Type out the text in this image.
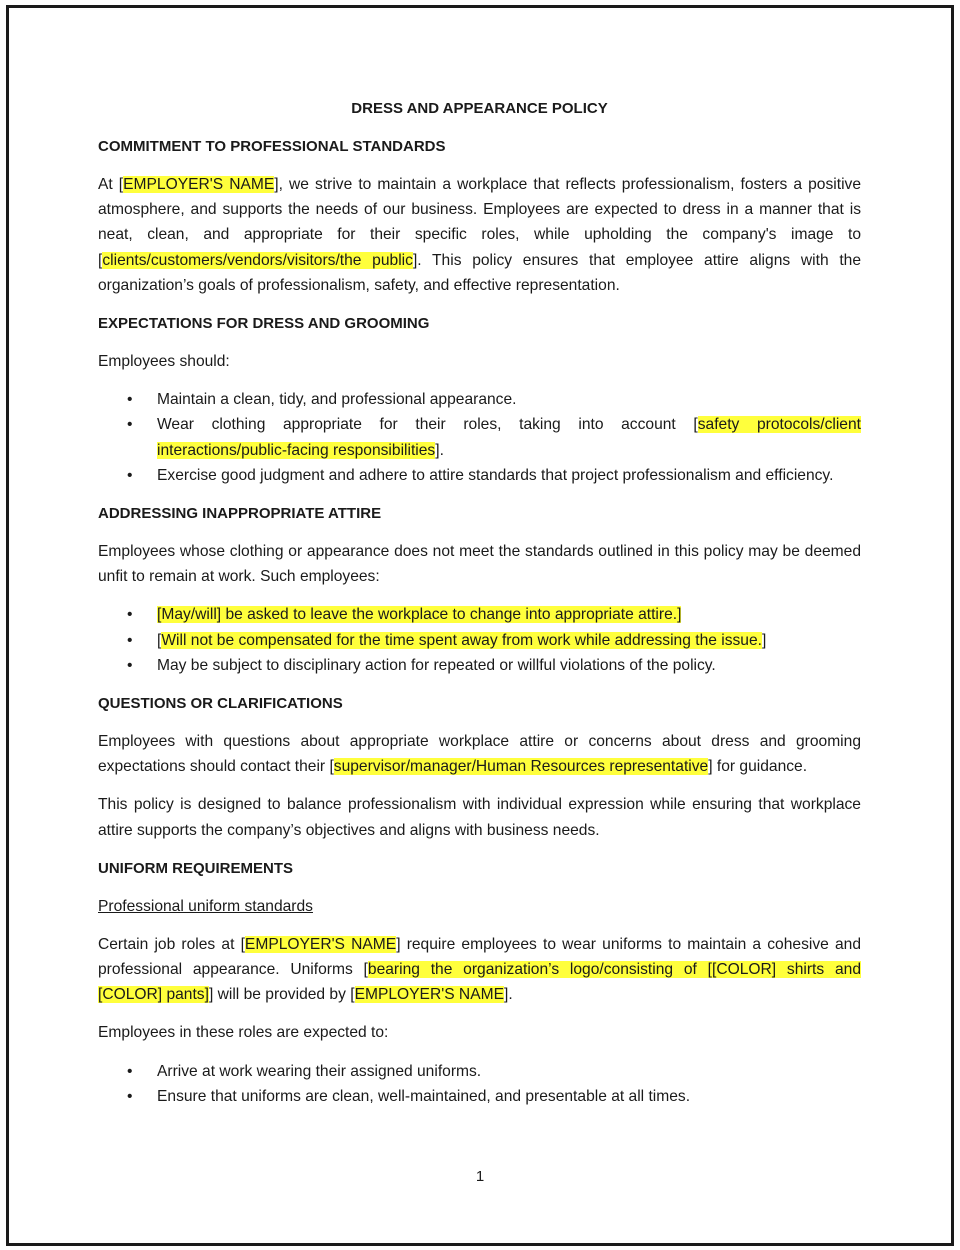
DRESS AND APPEARANCE POLICY
COMMITMENT TO PROFESSIONAL STANDARDS

At [EMPLOYER'S NAME], we strive to maintain a workplace that reflects professionalism, fosters a positive atmosphere, and supports the needs of our business. Employees are expected to dress in a manner that is neat, clean, and appropriate for their specific roles, while upholding the company's image to [clients/customers/vendors/visitors/the public]. This policy ensures that employee attire aligns with the organization’s goals of professionalism, safety, and effective representation.

EXPECTATIONS FOR DRESS AND GROOMING

Employees should:

• Maintain a clean, tidy, and professional appearance.
• Wear clothing appropriate for their roles, taking into account [safety protocols/client interactions/public-facing responsibilities].
• Exercise good judgment and adhere to attire standards that project professionalism and efficiency.
ADDRESSING INAPPROPRIATE ATTIRE

Employees whose clothing or appearance does not meet the standards outlined in this policy may be deemed unfit to remain at work. Such employees:

• [May/will] be asked to leave the workplace to change into appropriate attire.]
• [Will not be compensated for the time spent away from work while addressing the issue.]
• May be subject to disciplinary action for repeated or willful violations of the policy.
QUESTIONS OR CLARIFICATIONS

Employees with questions about appropriate workplace attire or concerns about dress and grooming expectations should contact their [supervisor/manager/Human Resources representative] for guidance.

This policy is designed to balance professionalism with individual expression while ensuring that workplace attire supports the company’s objectives and aligns with business needs.

UNIFORM REQUIREMENTS
Professional uniform standards

Certain job roles at [EMPLOYER'S NAME] require employees to wear uniforms to maintain a cohesive and professional appearance. Uniforms [bearing the organization’s logo/consisting of [[COLOR] shirts and [COLOR] pants]] will be provided by [EMPLOYER'S NAME].

Employees in these roles are expected to:

• Arrive at work wearing their assigned uniforms.
• Ensure that uniforms are clean, well-maintained, and presentable at all times.
1
